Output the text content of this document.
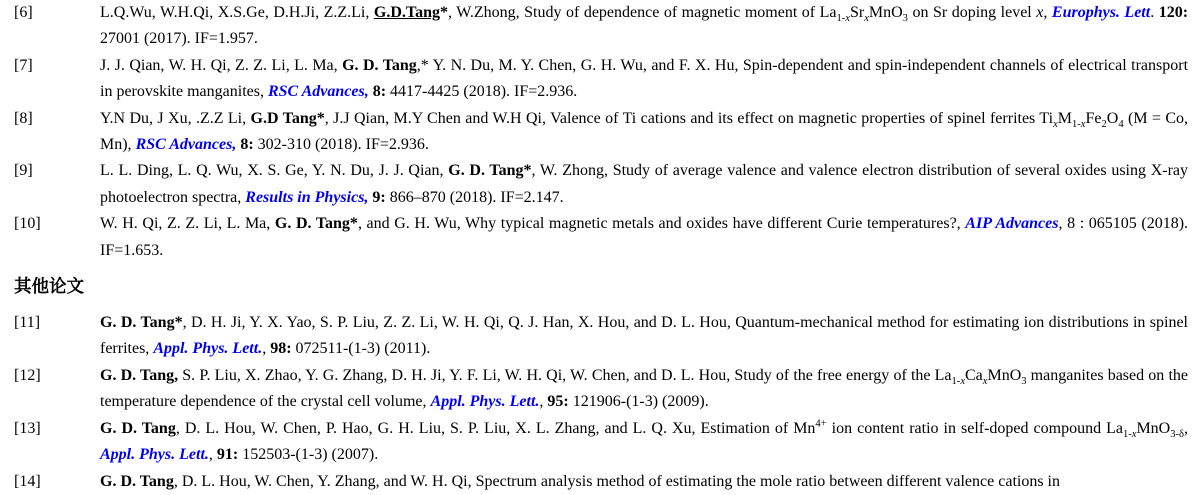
[6]	L.Q.Wu, W.H.Qi, X.S.Ge, D.H.Ji, Z.Z.Li, G.D.Tang*, W.Zhong, Study of dependence of magnetic moment of $La_{1-x}Sr_xMnO_3$ on Sr doping level x, Europhys. Lett. 120: 27001 (2017). IF=1.957.

[7]	J. J. Qian, W. H. Qi, Z. Z. Li, L. Ma, G. D. Tang,* Y. N. Du, M. Y. Chen, G. H. Wu, and F. X. Hu, Spin-dependent and spin-independent channels of electrical transport in perovskite manganites, RSC Advances, 8: 4417-4425 (2018). IF=2.936.

[8]	Y.N Du, J Xu, .Z.Z Li, G.D Tang*, J.J Qian, M.Y Chen and W.H Qi, Valence of Ti cations and its effect on magnetic properties of spinel ferrites $Ti_xM_{1-x}Fe_2O_4$ (M = Co, Mn), RSC Advances, 8: 302-310 (2018). IF=2.936.

[9]	L. L. Ding, L. Q. Wu, X. S. Ge, Y. N. Du, J. J. Qian, G. D. Tang*, W. Zhong, Study of average valence and valence electron distribution of several oxides using X-ray photoelectron spectra, Results in Physics, 9: 866–870 (2018). IF=2.147.

[10]	W. H. Qi, Z. Z. Li, L. Ma, G. D. Tang*, and G. H. Wu, Why typical magnetic metals and oxides have different Curie temperatures?, AIP Advances, 8 : 065105 (2018). IF=1.653.

其他论文
[11]	G. D. Tang*, D. H. Ji, Y. X. Yao, S. P. Liu, Z. Z. Li, W. H. Qi, Q. J. Han, X. Hou, and D. L. Hou, Quantum-mechanical method for estimating ion distributions in spinel ferrites, Appl. Phys. Lett., 98: 072511-(1-3) (2011).

[12]	G. D. Tang, S. P. Liu, X. Zhao, Y. G. Zhang, D. H. Ji, Y. F. Li, W. H. Qi, W. Chen, and D. L. Hou, Study of the free energy of the $La_{1-x}Ca_xMnO_3$ manganites based on the temperature dependence of the crystal cell volume, Appl. Phys. Lett., 95: 121906-(1-3) (2009).

[13]	G. D. Tang, D. L. Hou, W. Chen, P. Hao, G. H. Liu, S. P. Liu, X. L. Zhang, and L. Q. Xu, Estimation of $Mn^{4+}$ ion content ratio in self-doped compound $La_{1-x}MnO_{3-\delta}$, Appl. Phys. Lett., 91: 152503-(1-3) (2007).

[14]	G. D. Tang, D. L. Hou, W. Chen, Y. Zhang, and W. H. Qi, Spectrum analysis method of estimating the mole ratio between different valence cations in
